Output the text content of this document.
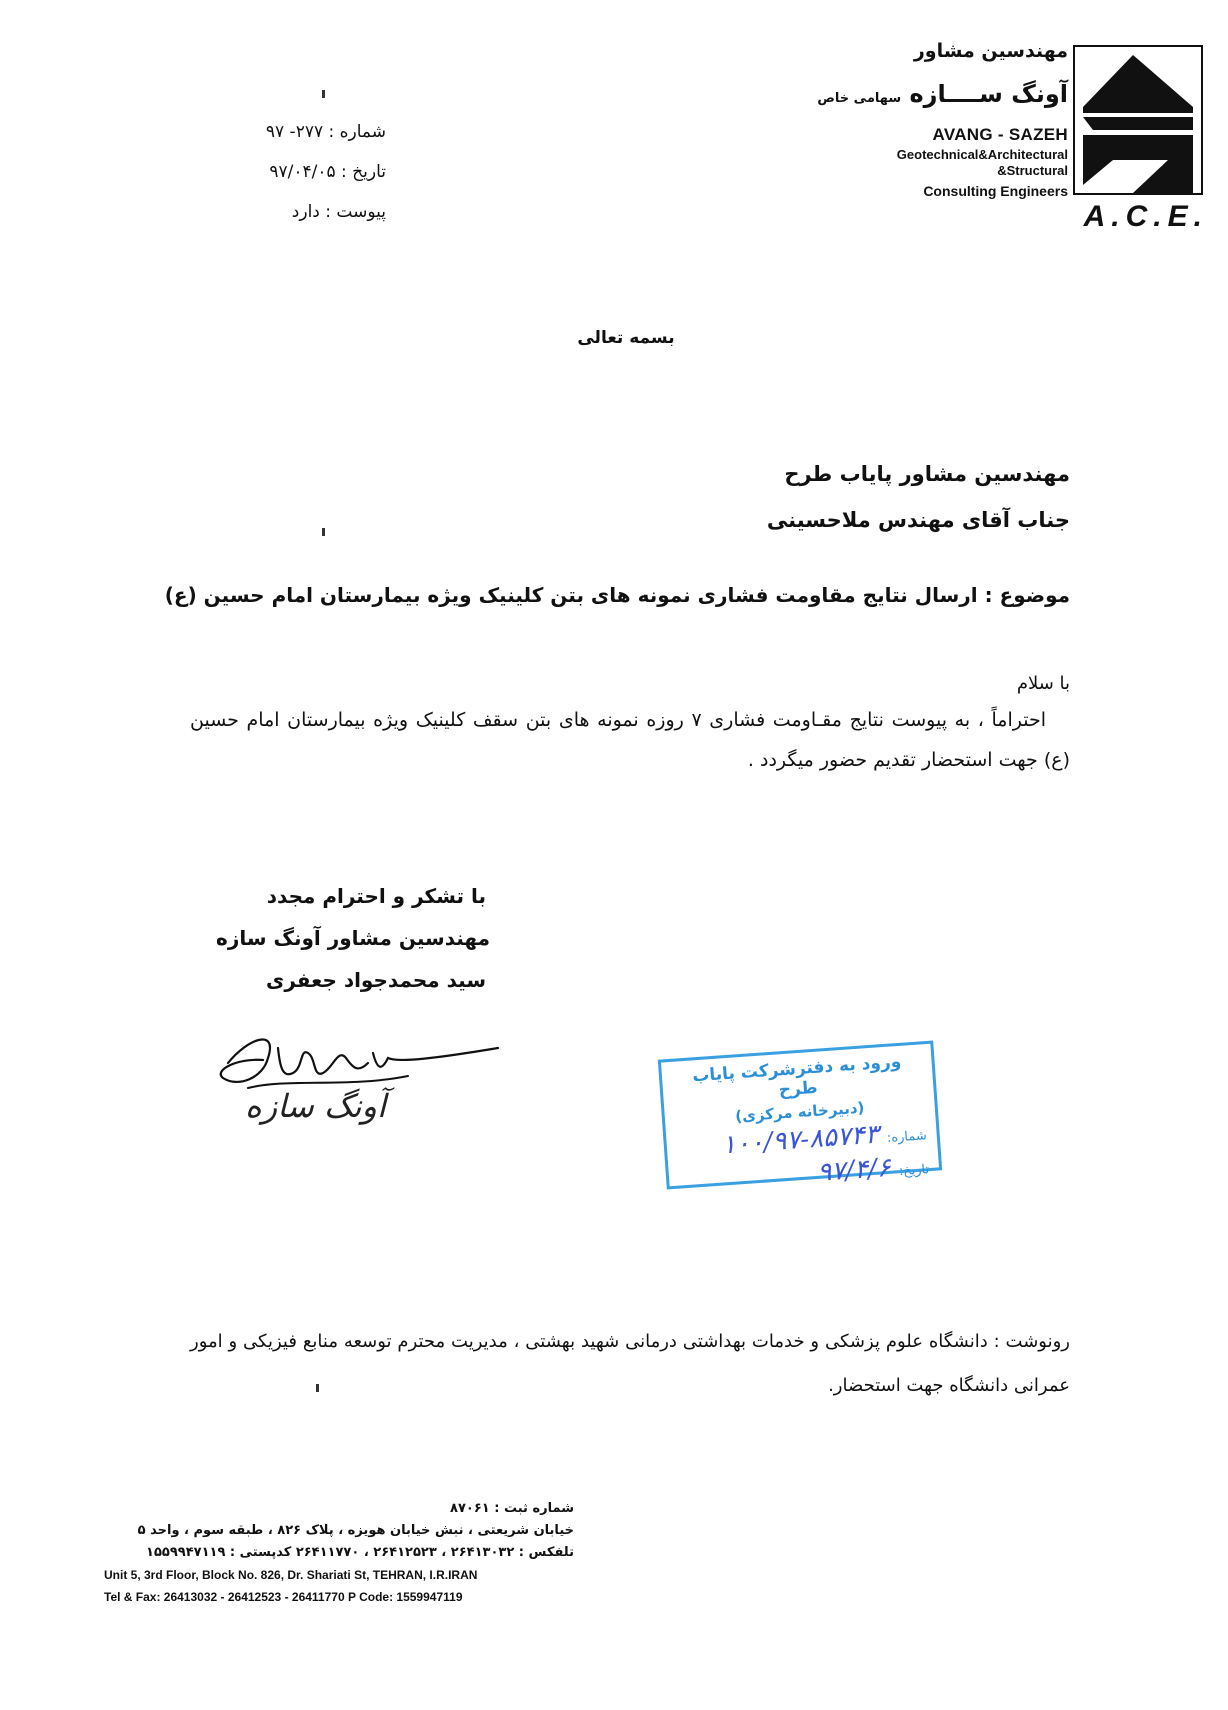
مهندسین مشاور
آونگ ســــازه سهامی خاص
AVANG - SAZEH
Geotechnical&Architectural
&Structural
Consulting Engineers
A.C.E.
شماره : ۲۷۷- ۹۷
تاریخ : ۹۷/۰۴/۰۵
پیوست : دارد
بسمه تعالی
مهندسین مشاور پایاب طرح
جناب آقای مهندس ملاحسینی
موضوع : ارسال نتایج مقاومت فشاری نمونه های بتن کلینیک ویژه بیمارستان امام حسین (ع)
با سلام
احتراماً ، به پیوست نتایج مقـاومت فشاری ۷ روزه نمونه های بتن سقف کلینیک ویژه بیمارستان امام حسین (ع) جهت استحضار تقدیم حضور میگردد .
با تشکر و احترام مجدد
مهندسین مشاور آونگ سازه
سید محمدجواد جعفری
آونگ سازه
ورود به دفترشرکت پایاب طرح
(دبیرخانه مرکزی)
شماره:
۱۰۰/۹۷-۸۵۷۴۳
تاریخ:
۹۷/۴/۶
رونوشت : دانشگاه علوم پزشکی و خدمات بهداشتی درمانی شهید بهشتی ، مدیریت محترم توسعه منابع فیزیکی و امور عمرانی دانشگاه جهت استحضار.
شماره ثبت : ۸۷۰۶۱
خیابان شریعتی ، نبش خیابان هویزه ، پلاک ۸۲۶ ، طبقه سوم ، واحد ۵
تلفکس : ۲۶۴۱۳۰۳۲ ، ۲۶۴۱۲۵۲۳ ، ۲۶۴۱۱۷۷۰ کدپستی : ۱۵۵۹۹۴۷۱۱۹
Unit 5, 3rd Floor, Block No. 826, Dr. Shariati St, TEHRAN, I.R.IRAN
Tel & Fax: 26413032 - 26412523 - 26411770 P Code: 1559947119
